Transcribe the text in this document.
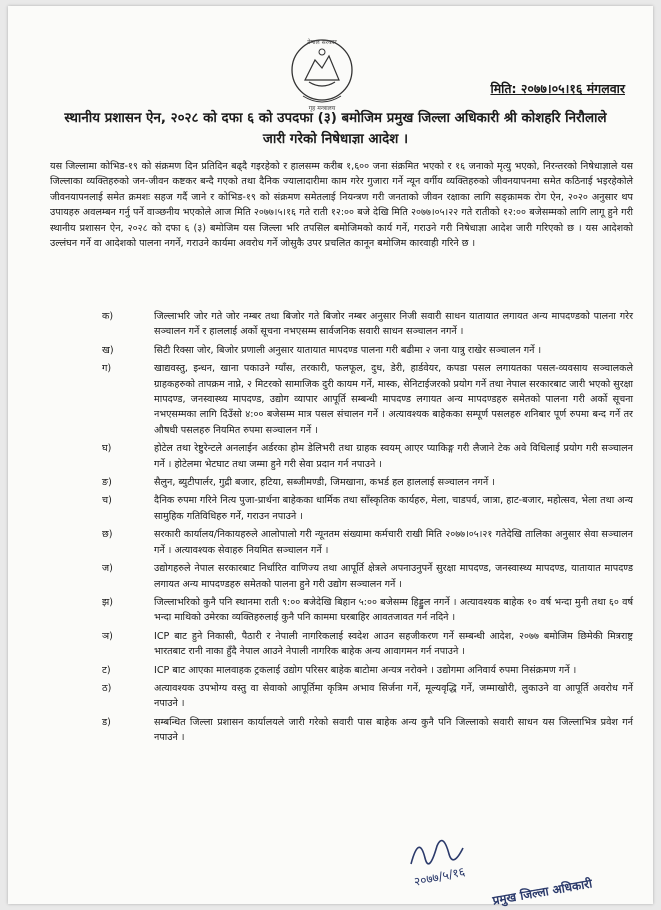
गृह मन्त्रालय
नेपाल सरकार
मिति: २०७७।०५।१६ मंगलवार
स्थानीय प्रशासन ऐन, २०२८ को दफा ६ को उपदफा (३) बमोजिम प्रमुख जिल्ला अधिकारी श्री कोशहरि निरौलाले
जारी गरेको निषेधाज्ञा आदेश ।
यस जिल्लामा कोभिड-१९ को संक्रमण दिन प्रतिदिन बढ्दै गइरहेको र हालसम्म करीब १,६०० जना संक्रमित भएको र १६ जनाको मृत्यु भएको, निरन्तरको निषेधाज्ञाले यस जिल्लाका व्यक्तिहरुको जन-जीवन कष्टकर बन्दै गएको तथा दैनिक ज्यालादारीमा काम गरेर गुजारा गर्ने न्यून वर्गीय व्यक्तिहरुको जीवनयापनमा समेत कठिनाई भइरहेकोले जीवनयापनलाई समेत क्रमशः सहज गर्दै जाने र कोभिड-१९ को संक्रमण समेतलाई नियन्त्रण गरी जनताको जीवन रक्षाका लागि सङ्क्रामक रोग ऐन, २०२० अनुसार थप उपायहरु अवलम्बन गर्नु पर्ने वाञ्छनीय भएकोले आज मिति २०७७।५।१६ गते राती १२:०० बजे देखि मिति २०७७।०५।२२ गते रातीको १२:०० बजेसम्मको लागि लागू हुने गरी स्थानीय प्रशासन ऐन, २०२८ को दफा ६ (३) बमोजिम यस जिल्ला भरि तपसिल बमोजिमको कार्य गर्ने, गराउने गरी निषेधाज्ञा आदेश जारी गरिएको छ । यस आदेशको उल्लंघन गर्ने वा आदेशको पालना नगर्ने, गराउने कार्यमा अवरोध गर्ने जोसुकै उपर प्रचलित कानून बमोजिम कारवाही गरिने छ ।
क)	जिल्लाभरि जोर गते जोर नम्बर तथा बिजोर गते बिजोर नम्बर अनुसार निजी सवारी साधन यातायात लगायत अन्य मापदण्डको पालना गरेर सञ्चालन गर्ने र हाललाई अर्को सूचना नभएसम्म सार्वजनिक सवारी साधन सञ्चालन नगर्ने ।
ख)	सिटी रिक्सा जोर, बिजोर प्रणाली अनुसार यातायात मापदण्ड पालना गरी बढीमा २ जना यात्रु राखेर सञ्चालन गर्ने ।
ग)	खाद्यवस्तु, इन्धन, खाना पकाउने ग्याँस, तरकारी, फलफूल, दुध, डेरी, हार्डवेयर, कपडा पसल लगायतका पसल-व्यवसाय सञ्चालकले ग्राहकहरुको तापक्रम नाप्ने, २ मिटरको सामाजिक दुरी कायम गर्ने, मास्क, सेनिटाईजरको प्रयोग गर्ने तथा नेपाल सरकारबाट जारी भएको सुरक्षा मापदण्ड, जनस्वास्थ्य मापदण्ड, उद्योग व्यापार आपूर्ति सम्बन्धी मापदण्ड लगायत अन्य मापदण्डहरु समेतको पालना गरी अर्को सूचना नभएसम्मका लागि दिउँसो ४:०० बजेसम्म मात्र पसल संचालन गर्ने । अत्यावश्यक बाहेकका सम्पूर्ण पसलहरु शनिबार पूर्ण रुपमा बन्द गर्ने तर औषधी पसलहरु नियमित रुपमा सञ्चालन गर्ने ।
घ)	होटेल तथा रेष्टुरेन्टले अनलाईन अर्डरका होम डेलिभरी तथा ग्राहक स्वयम् आएर प्याकिङ्ग गरी लैजाने टेक अवे विधिलाई प्रयोग गरी सञ्चालन गर्ने । होटेलमा भेटघाट तथा जम्मा हुने गरी सेवा प्रदान गर्न नपाउने ।
ङ)	सैलुन, ब्युटीपार्लर, गुद्री बजार, हटिया, सब्जीमण्डी, जिमखाना, कभर्ड हल हाललाई सञ्चालन नगर्ने ।
च)	दैनिक रुपमा गरिने नित्य पुजा-प्रार्थना बाहेकका धार्मिक तथा साँस्कृतिक कार्यहरु, मेला, चाडपर्व, जात्रा, हाट-बजार, महोत्सव, भेला तथा अन्य सामुहिक गतिविधिहरु गर्ने, गराउन नपाउने ।
छ)	सरकारी कार्यालय/निकायहरुले आलोपालो गरी न्यूनतम संख्यामा कर्मचारी राखी मिति २०७७।०५।२१ गतेदेखि तालिका अनुसार सेवा सञ्चालन गर्ने । अत्यावश्यक सेवाहरु नियमित सञ्चालन गर्ने ।
ज)	उद्योगहरुले नेपाल सरकारबाट निर्धारित वाणिज्य तथा आपूर्ति क्षेत्रले अपनाउनुपर्ने सुरक्षा मापदण्ड, जनस्वास्थ्य मापदण्ड, यातायात मापदण्ड लगायत अन्य मापदण्डहरु समेतको पालना हुने गरी उद्योग सञ्चालन गर्ने ।
झ)	जिल्लाभरिको कुनै पनि स्थानमा राती ९:०० बजेदेखि बिहान ५:०० बजेसम्म हिड्डुल नगर्ने । अत्यावश्यक बाहेक १० वर्ष भन्दा मुनी तथा ६० वर्ष भन्दा माथिको उमेरका व्यक्तिहरुलाई कुनै पनि काममा घरबाहिर आवतजावत गर्न नदिने ।
ञ)	ICP बाट हुने निकासी, पैठारी र नेपाली नागरिकलाई स्वदेश आउन सहजीकरण गर्ने सम्बन्धी आदेश, २०७७ बमोजिम छिमेकी मित्रराष्ट्र भारतबाट रानी नाका हुँदै नेपाल आउने नेपाली नागरिक बाहेक अन्य आवागमन गर्न नपाउने ।
ट)	ICP बाट आएका मालवाहक ट्रकलाई उद्योग परिसर बाहेक बाटोमा अन्यत्र नरोक्ने । उद्योगमा अनिवार्य रुपमा निसंक्रमण गर्ने ।
ठ)	अत्यावश्यक उपभोग्य वस्तु वा सेवाको आपूर्तिमा कृत्रिम अभाव सिर्जना गर्ने, मूल्यवृद्धि गर्ने, जम्माखोरी, लुकाउने वा आपूर्ति अवरोध गर्ने नपाउने ।
ड)	सम्बन्धित जिल्ला प्रशासन कार्यालयले जारी गरेको सवारी पास बाहेक अन्य कुनै पनि जिल्लाको सवारी साधन यस जिल्लाभित्र प्रवेश गर्न नपाउने ।
२०७७/५/१६ प्रमुख जिल्ला अधिकारी
